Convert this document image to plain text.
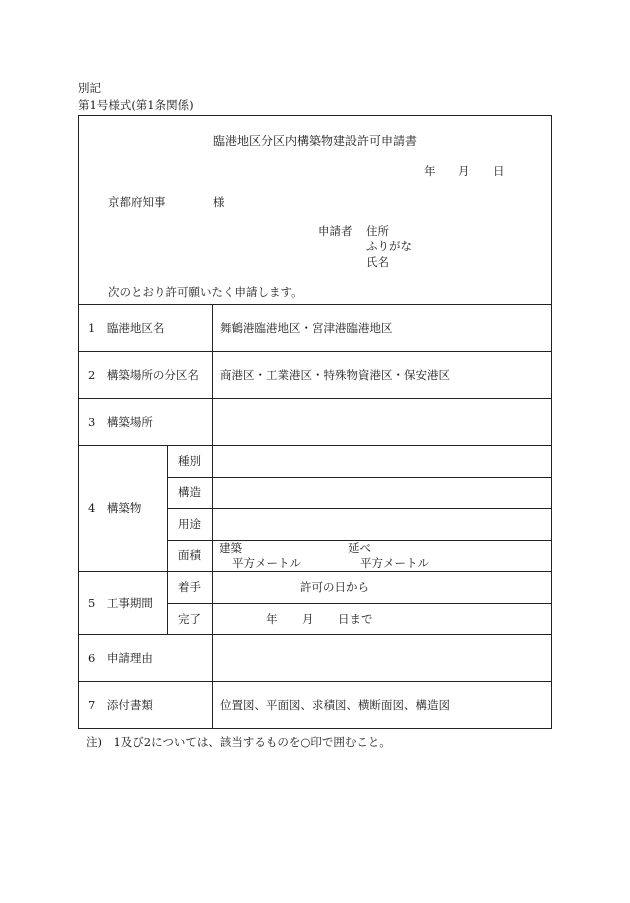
別記
第1号様式(第1条関係)
臨港地区分区内構築物建設許可申請書
年 月 日
京都府知事	様
申請者 住所
ふりがな
氏名
次のとおり許可願いたく申請します。
1　臨港地区名	舞鶴港臨港地区・宮津港臨港地区
2　構築場所の分区名 商港区・工業港区・特殊物資港区・保安港区
3　構築場所
4　構築物
種別
構造
用途
面積 建築	延べ
平方メートル	平方メートル
5　工事期間
着手	許可の日から
完了	年 月 日まで
6　申請理由
7　添付書類	位置図、平面図、求積図、横断面図、構造図
注)　1及び2については、該当するものを○印で囲むこと。
